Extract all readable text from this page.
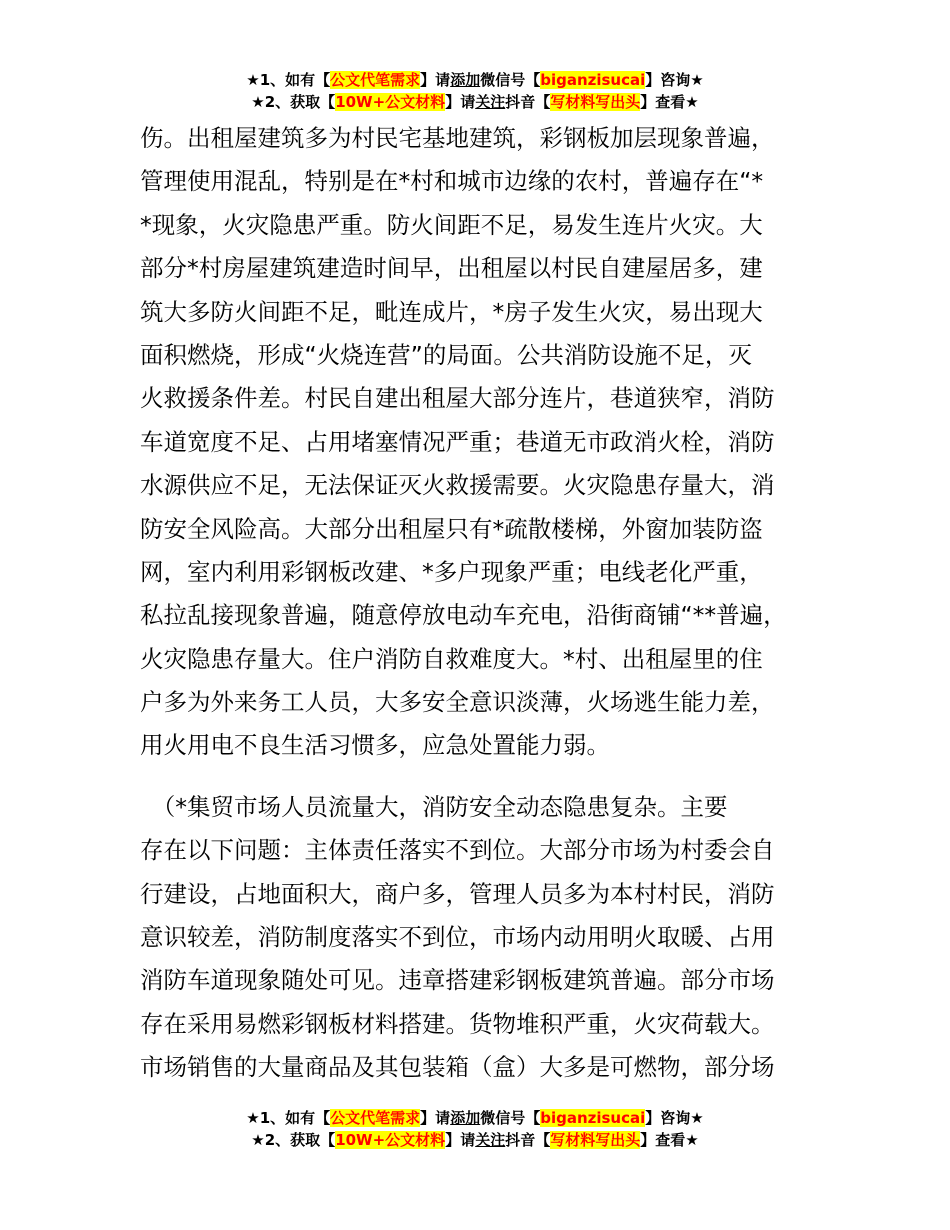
★1、如有【公文代笔需求】请添加微信号【biganzisucai】咨询★
★2、获取【10W+公文材料】请关注抖音【写材料写出头】查看★
伤。出租屋建筑多为村民宅基地建筑，彩钢板加层现象普遍，
管理使用混乱，特别是在*村和城市边缘的农村，普遍存在“*
*现象，火灾隐患严重。防火间距不足，易发生连片火灾。大
部分*村房屋建筑建造时间早，出租屋以村民自建屋居多，建
筑大多防火间距不足，毗连成片，*房子发生火灾，易出现大
面积燃烧，形成“火烧连营”的局面。公共消防设施不足，灭
火救援条件差。村民自建出租屋大部分连片，巷道狭窄，消防
车道宽度不足、占用堵塞情况严重；巷道无市政消火栓，消防
水源供应不足，无法保证灭火救援需要。火灾隐患存量大，消
防安全风险高。大部分出租屋只有*疏散楼梯，外窗加装防盗
网，室内利用彩钢板改建、*多户现象严重；电线老化严重，
私拉乱接现象普遍，随意停放电动车充电，沿街商铺“**普遍，
火灾隐患存量大。住户消防自救难度大。*村、出租屋里的住
户多为外来务工人员，大多安全意识淡薄，火场逃生能力差，
用火用电不良生活习惯多，应急处置能力弱。
　（*集贸市场人员流量大，消防安全动态隐患复杂。主要
存在以下问题：主体责任落实不到位。大部分市场为村委会自
行建设，占地面积大，商户多，管理人员多为本村村民，消防
意识较差，消防制度落实不到位，市场内动用明火取暖、占用
消防车道现象随处可见。违章搭建彩钢板建筑普遍。部分市场
存在采用易燃彩钢板材料搭建。货物堆积严重，火灾荷载大。
市场销售的大量商品及其包装箱（盒）大多是可燃物，部分场
★1、如有【公文代笔需求】请添加微信号【biganzisucai】咨询★
★2、获取【10W+公文材料】请关注抖音【写材料写出头】查看★
